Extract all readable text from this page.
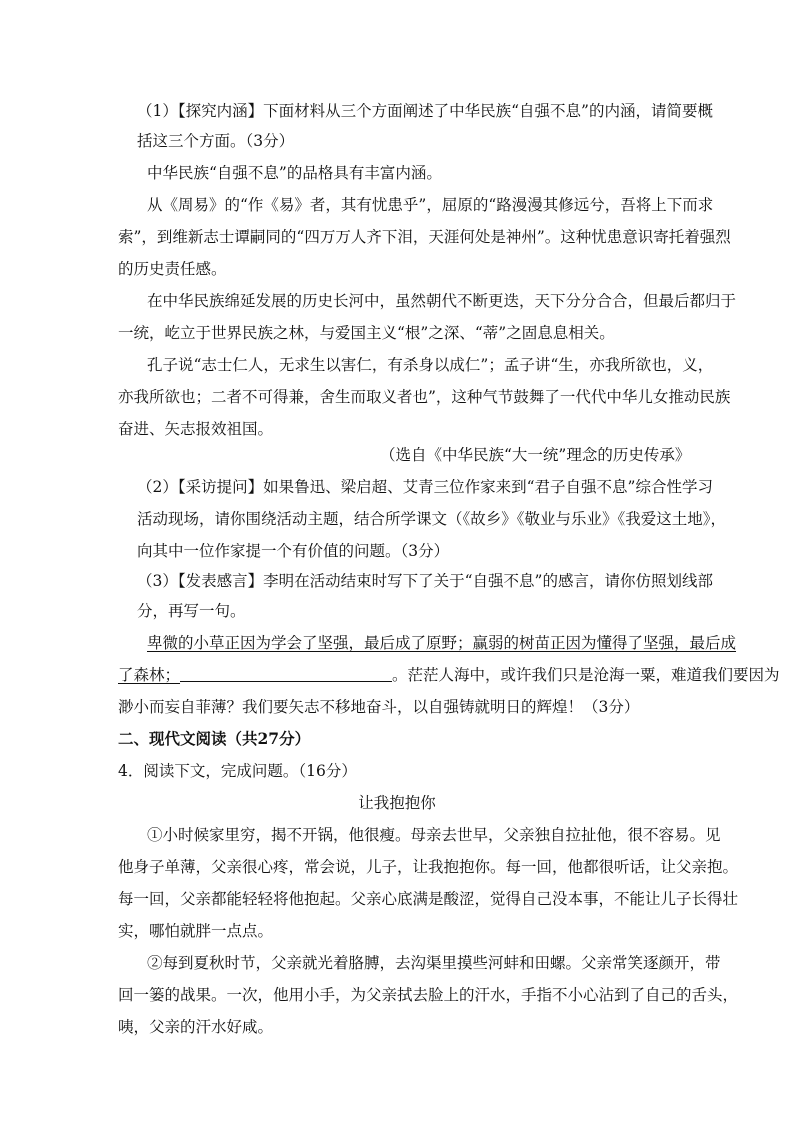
（1）【探究内涵】下面材料从三个方面阐述了中华民族“自强不息”的内涵，请简要概
括这三个方面。（3分）
中华民族“自强不息”的品格具有丰富内涵。
从《周易》的“作《易》者，其有忧患乎”，屈原的“路漫漫其修远兮，吾将上下而求
索”，到维新志士谭嗣同的“四万万人齐下泪，天涯何处是神州”。这种忧患意识寄托着强烈
的历史责任感。
在中华民族绵延发展的历史长河中，虽然朝代不断更迭，天下分分合合，但最后都归于
一统，屹立于世界民族之林，与爱国主义“根”之深、“蒂”之固息息相关。
孔子说“志士仁人，无求生以害仁，有杀身以成仁”；孟子讲“生，亦我所欲也，义，
亦我所欲也；二者不可得兼，舍生而取义者也”，这种气节鼓舞了一代代中华儿女推动民族
奋进、矢志报效祖国。
（选自《中华民族“大一统”理念的历史传承》
（2）【采访提问】如果鲁迅、梁启超、艾青三位作家来到“君子自强不息”综合性学习
活动现场，请你围绕活动主题，结合所学课文（《故乡》《敬业与乐业》《我爱这土地》，
向其中一位作家提一个有价值的问题。（3分）
（3）【发表感言】李明在活动结束时写下了关于“自强不息”的感言，请你仿照划线部
分，再写一句。
卑微的小草正因为学会了坚强，最后成了原野；赢弱的树苗正因为懂得了坚强，最后成
了森林；	。茫茫人海中，或许我们只是沧海一粟，难道我们要因为
渺小而妄自菲薄？我们要矢志不移地奋斗，以自强铸就明日的辉煌！（3分）
二、现代文阅读（共27分）
4．阅读下文，完成问题。（16分）
让我抱抱你
①小时候家里穷，揭不开锅，他很瘦。母亲去世早，父亲独自拉扯他，很不容易。见
他身子单薄，父亲很心疼，常会说，儿子，让我抱抱你。每一回，他都很听话，让父亲抱。
每一回，父亲都能轻轻将他抱起。父亲心底满是酸涩，觉得自己没本事，不能让儿子长得壮
实，哪怕就胖一点点。
②每到夏秋时节，父亲就光着胳膊，去沟渠里摸些河蚌和田螺。父亲常笑逐颜开，带
回一篓的战果。一次，他用小手，为父亲拭去脸上的汗水，手指不小心沾到了自己的舌头，
咦，父亲的汗水好咸。
